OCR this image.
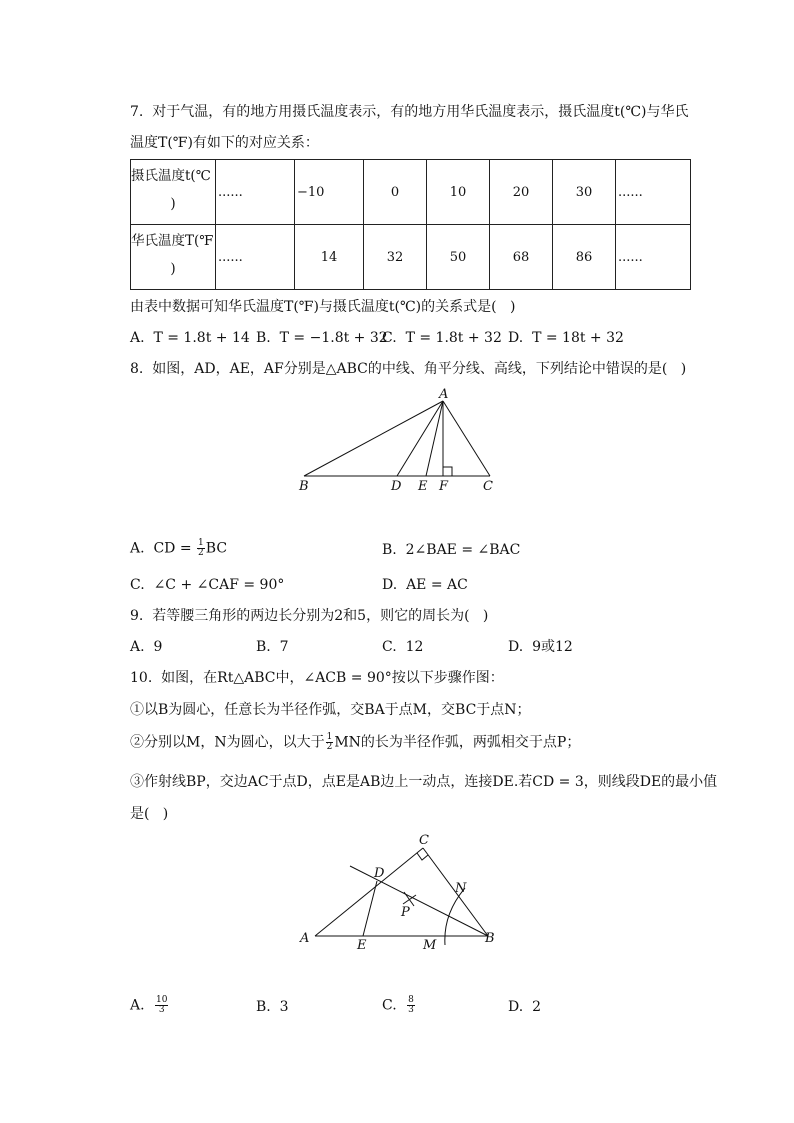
7.  对于气温，有的地方用摄氏温度表示，有的地方用华氏温度表示，摄氏温度t(℃)与华氏
温度T(℉)有如下的对应关系：
摄氏温度t(℃
)	......	−10	0	10	20	30	......

华氏温度T(℉
)	......	14	32	50	68	86	......
由表中数据可知华氏温度T(℉)与摄氏温度t(℃)的关系式是(   )
A.  T = 1.8t + 14 B.  T = −1.8t + 32
C.  T = 1.8t + 32 D.  T = 18t + 32
8.  如图，AD，AE，AF分别是△ABC的中线、角平分线、高线，下列结论中错误的是(   )
A
B	D E F	C
A.  CD = $\frac{1}{2}$ BC	B.  2∠BAE = ∠BAC
C.  ∠C + ∠CAF = 90°	D.  AE = AC
9.  若等腰三角形的两边长分别为2和5，则它的周长为(   )
A.  9	B.  7	C.  12	D.  9或12
10.  如图，在Rt△ABC中，∠ACB = 90°按以下步骤作图：
①以B为圆心，任意长为半径作弧，交BA于点M，交BC于点N；
②分别以M，N为圆心，以大于 $\frac{1}{2}$ MN的长为半径作弧，两弧相交于点P；
③作射线BP，交边AC于点D，点E是AB边上一动点，连接DE.若CD = 3，则线段DE的最小值
是(   )
C
D
N
P
A	E	M	B
A. $\frac{10}{3}$	B.  3	C. $\frac{8}{3}$	D.  2
